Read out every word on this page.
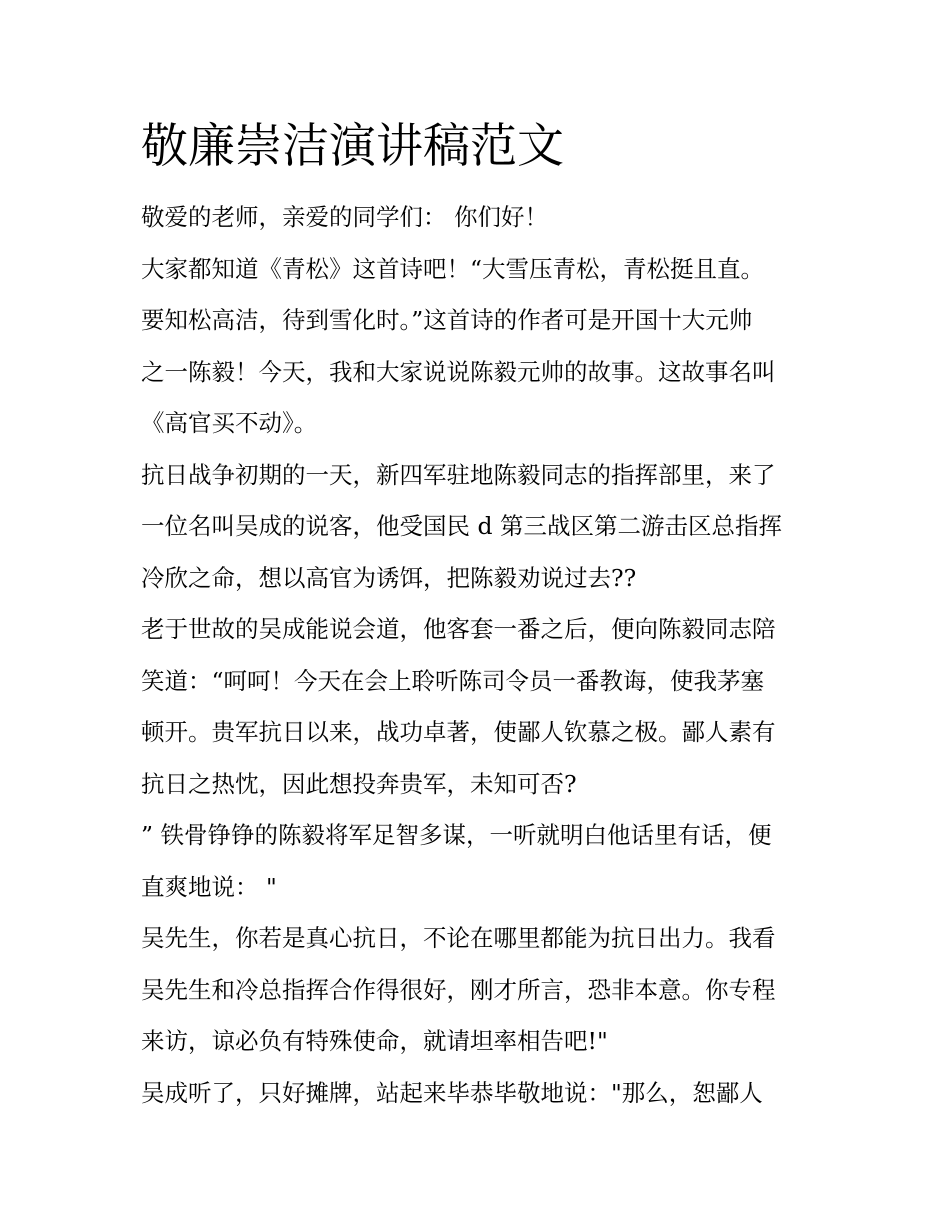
敬廉崇洁演讲稿范文

敬爱的老师，亲爱的同学们： 你们好！

大家都知道《青松》这首诗吧！“大雪压青松，青松挺且直。

要知松高洁，待到雪化时。”这首诗的作者可是开国十大元帅

之一陈毅！今天，我和大家说说陈毅元帅的故事。这故事名叫

《高官买不动》。

抗日战争初期的一天，新四军驻地陈毅同志的指挥部里，来了

一位名叫吴成的说客，他受国民 d 第三战区第二游击区总指挥

冷欣之命，想以高官为诱饵，把陈毅劝说过去??

老于世故的吴成能说会道，他客套一番之后，便向陈毅同志陪

笑道：“呵呵！今天在会上聆听陈司令员一番教诲，使我茅塞

顿开。贵军抗日以来，战功卓著，使鄙人钦慕之极。鄙人素有

抗日之热忱，因此想投奔贵军，未知可否?

” 铁骨铮铮的陈毅将军足智多谋，一听就明白他话里有话，便

直爽地说： "

吴先生，你若是真心抗日，不论在哪里都能为抗日出力。我看

吴先生和冷总指挥合作得很好，刚才所言，恐非本意。你专程

来访，谅必负有特殊使命，就请坦率相告吧!"

吴成听了，只好摊牌，站起来毕恭毕敬地说："那么，恕鄙人
